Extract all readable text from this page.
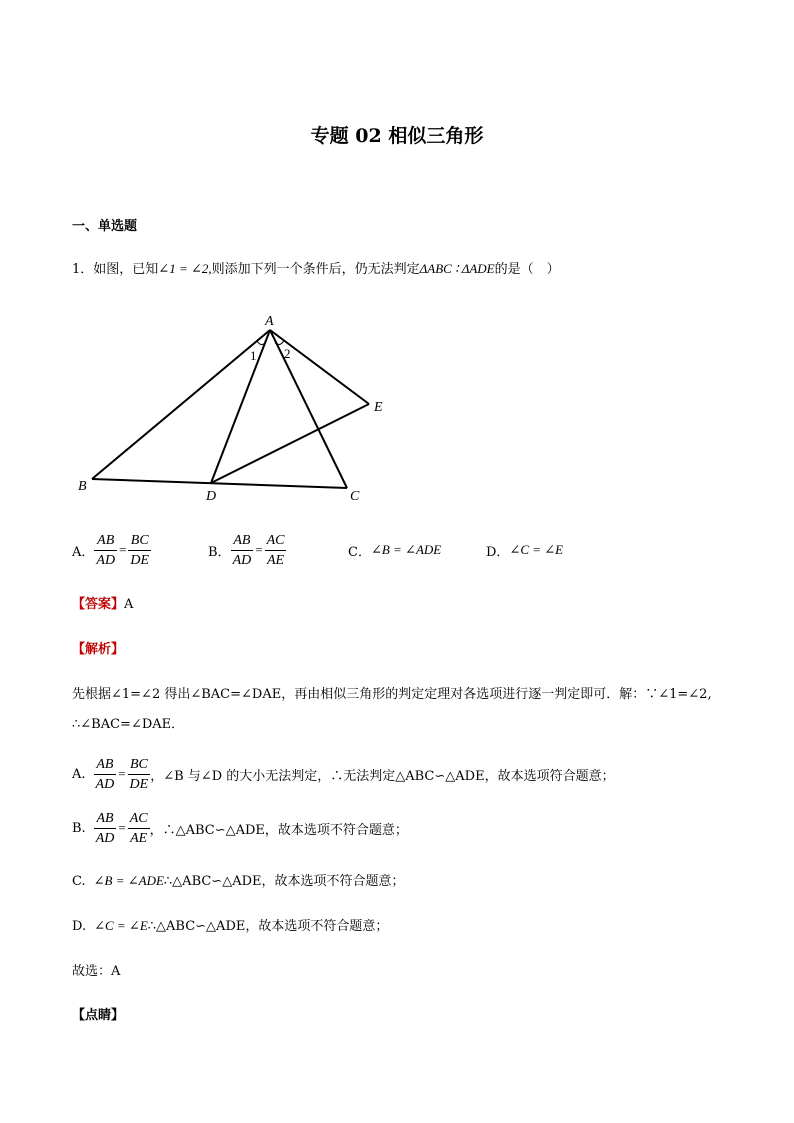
专题 02 相似三角形
一、单选题
1．如图，已知∠1 = ∠2,则添加下列一个条件后，仍无法判定ΔABC ∶ ΔADE的是（　）
A
B
C
D
E
1 2
A． $\frac{AB}{AD} = \frac{BC}{DE}$	B． $\frac{AB}{AD} = \frac{AC}{AE}$	C． ∠B = ∠ADE	D． ∠C = ∠E
【答案】A
【解析】
先根据∠1=∠2 得出∠BAC=∠DAE，再由相似三角形的判定定理对各选项进行逐一判定即可．解：∵∠1=∠2,
∴∠BAC=∠DAE．
A. $\frac{AB}{AD} = \frac{BC}{DE}$ ，∠B 与∠D 的大小无法判定，∴无法判定△ABC∽△ADE，故本选项符合题意；
B. $\frac{AB}{AD} = \frac{AC}{AE}$ ，∴△ABC∽△ADE，故本选项不符合题意；
C. ∠B = ∠ADE∴△ABC∽△ADE，故本选项不符合题意；
D. ∠C = ∠E∴△ABC∽△ADE，故本选项不符合题意；
故选：A
【点睛】
